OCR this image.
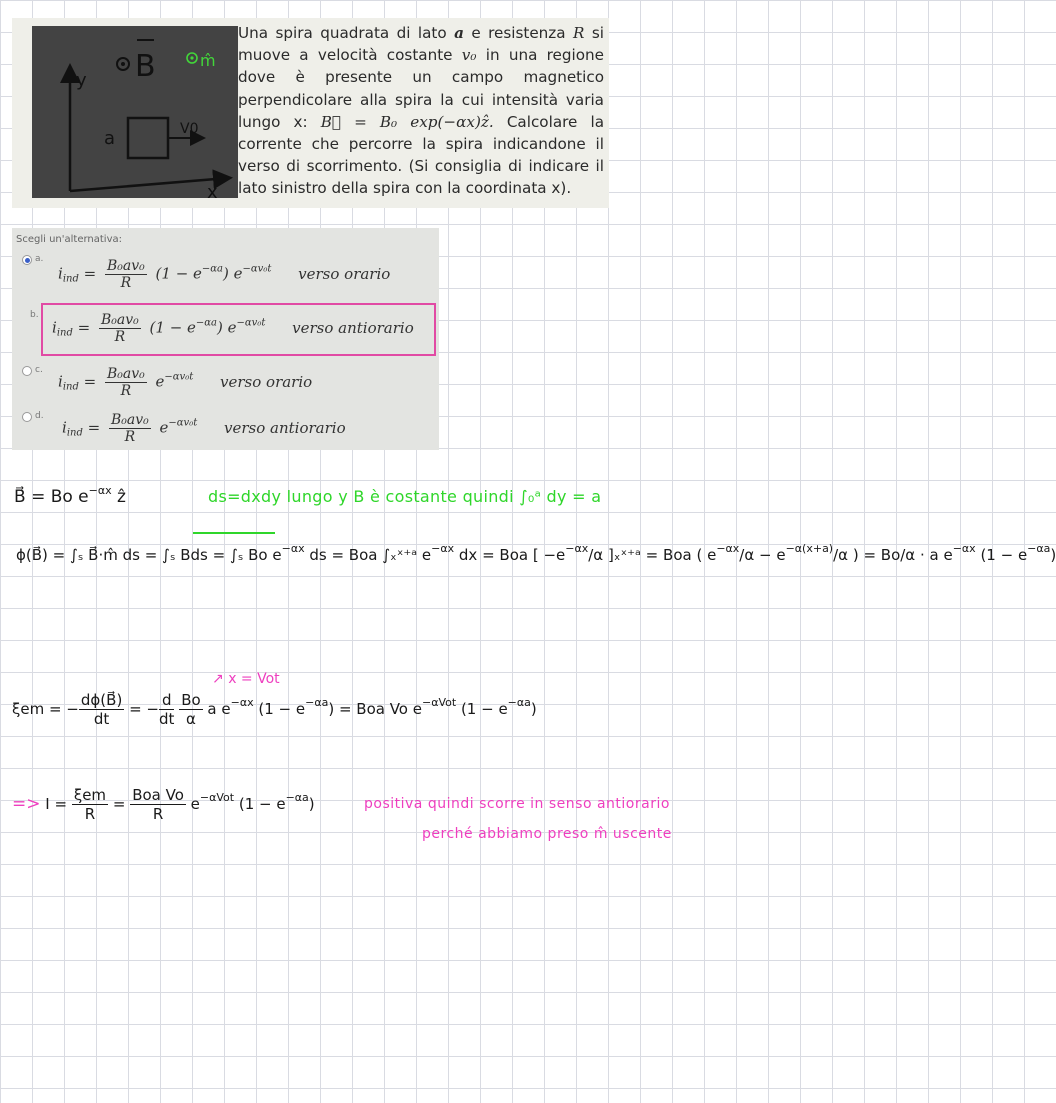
y B	m̂
a	V0
x
Una spira quadrata di lato a e resistenza R si muove a velocità costante v₀ in una regione dove è presente un campo magnetico perpendicolare alla spira la cui intensità varia lungo x: B⃗ = B₀ exp(−αx)ẑ. Calcolare la corrente che percorre la spira indicandone il verso di scorrimento. (Si consiglia di indicare il lato sinistro della spira con la coordinata x).
Scegli un'alternativa:
a.
$i_{ind} = \frac{\text{B₀av₀}}{R} (1 - e^{-\alpha a})$ $e^{-\alpha v_0t}$ verso orario
b.
$i_{ind} = \frac{\text{B₀av₀}}{R} (1 - e^{-\alpha a})$ $e^{-\alpha v_0t}$ verso antiorario
c.
$i_{ind} = \frac{\text{B₀av₀}}{R} e^{-\alpha v_0t}$ verso orario
d.
$i_{ind} = \frac{\text{B₀av₀}}{R} e^{-\alpha v_0t}$ verso antiorario
B⃗ = Bo $e^{-\alpha x}$ ẑ	ds=dxdy lungo y B è costante quindi ∫₀ᵃ dy = a
ϕ(B⃗) = ∫ₛ B⃗·m̂ ds = ∫ₛ Bds = ∫ₛ Bo $e^{-\alpha x}$ ds = Boa ∫ₓˣ⁺ᵃ $e^{-\alpha x}$ dx = Boa [ $-e^{-\alpha x}/\alpha$ ]ₓˣ⁺ᵃ = Boa ( $e^{-\alpha x}/\alpha - e^{-\alpha(x+a)}/\alpha$ ) = Bo/α · a $e^{-\alpha x}$ $(1 - e^{-\alpha a})$
↗ x = Vot
ξem = − $\frac{d\phi(B⃗)}{dt}$ = − $\frac{d}{dt}$
$\frac{Bo}{\alpha}$ a $e^{-\alpha x}$ $(1 - e^{-\alpha a})$ = Boa Vo $e^{-\alpha Vot}$ $(1 - e^{-\alpha a})$
=> $I = \frac{\text{ξem}}{R} = \frac{\text{Boa Vo}}{R} e^{-\alpha Vot}$ $(1 - e^{-\alpha a})$	positiva quindi scorre in senso antiorario
perché abbiamo preso m̂ uscente
